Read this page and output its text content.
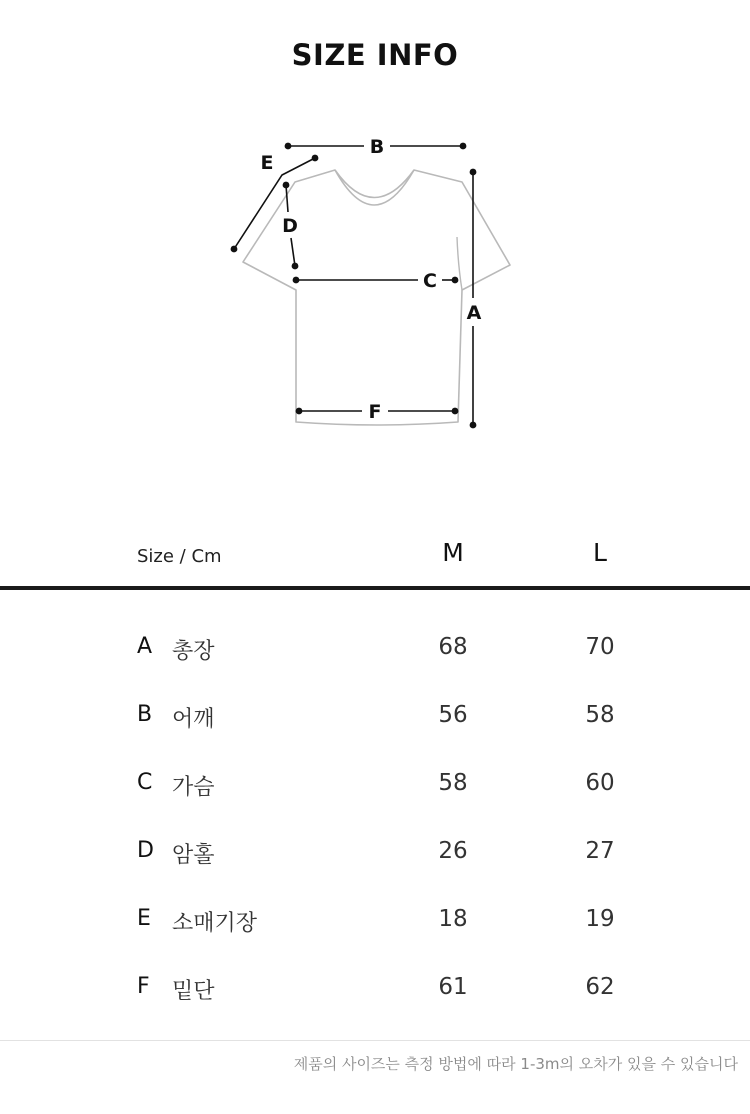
SIZE INFO
B
E
D
C
A
F
Size / Cm	M	L
A 총장	68	70
B 어깨	56	58
C 가슴	58	60
D 암홀	26	27
E 소매기장	18	19
F 밑단	61	62
제품의 사이즈는 측정 방법에 따라 1-3m의 오차가 있을 수 있습니다
